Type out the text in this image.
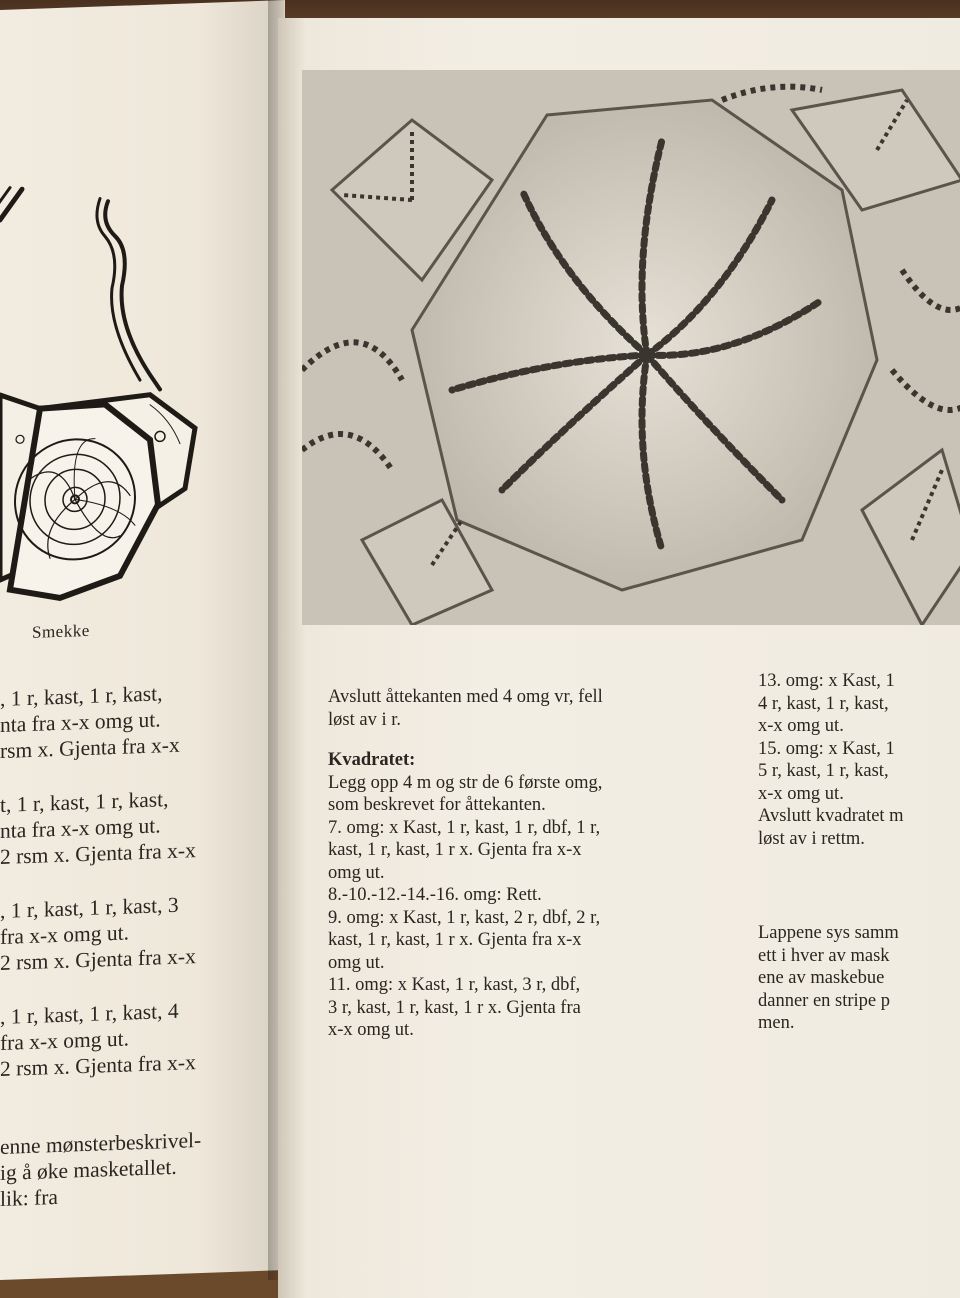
Smekke
, 1 r, kast, 1 r, kast,
nta fra x-x omg ut.
rsm x. Gjenta fra x-x
t, 1 r, kast, 1 r, kast,
nta fra x-x omg ut.
2 rsm x. Gjenta fra x-x
, 1 r, kast, 1 r, kast, 3
fra x-x omg ut.
2 rsm x. Gjenta fra x-x
, 1 r, kast, 1 r, kast, 4
fra x-x omg ut.
2 rsm x. Gjenta fra x-x
enne mønsterbeskrivel-
ig å øke masketallet.
lik: fra
Avslutt åttekanten med 4 omg vr, fell
løst av i r.
Kvadratet:
Legg opp 4 m og str de 6 første omg,
som beskrevet for åttekanten.
7. omg: x Kast, 1 r, kast, 1 r, dbf, 1 r,
kast, 1 r, kast, 1 r x. Gjenta fra x-x
omg ut.
8.-10.-12.-14.-16. omg: Rett.
9. omg: x Kast, 1 r, kast, 2 r, dbf, 2 r,
kast, 1 r, kast, 1 r x. Gjenta fra x-x
omg ut.
11. omg: x Kast, 1 r, kast, 3 r, dbf,
3 r, kast, 1 r, kast, 1 r x. Gjenta fra
x-x omg ut.
13. omg: x Kast, 1
4 r, kast, 1 r, kast,
x-x omg ut.
15. omg: x Kast, 1
5 r, kast, 1 r, kast,
x-x omg ut.
Avslutt kvadratet m
løst av i rettm.
Lappene sys samm
ett i hver av mask
ene av maskebue
danner en stripe p
men.
